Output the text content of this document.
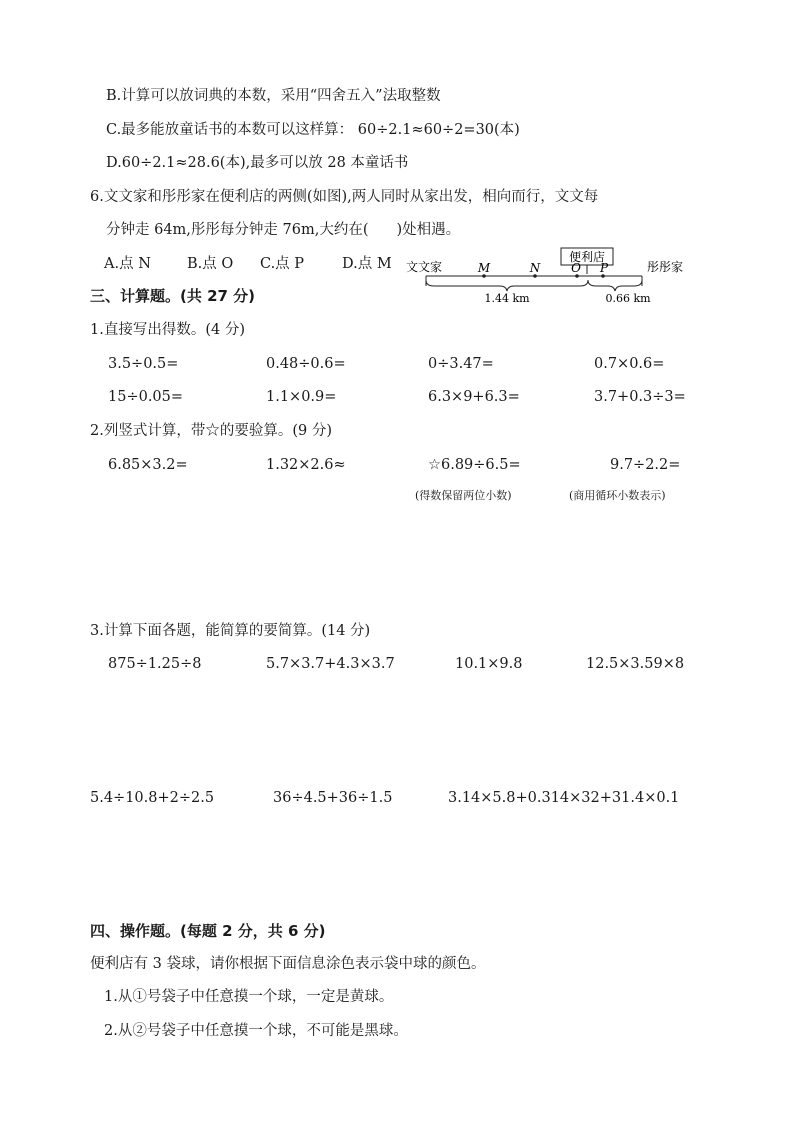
B.计算可以放词典的本数，采用“四舍五入”法取整数
C.最多能放童话书的本数可以这样算： 60÷2.1≈60÷2=30(本)
D.60÷2.1≈28.6(本),最多可以放 28 本童话书
6.文文家和彤彤家在便利店的两侧(如图),两人同时从家出发，相向而行，文文每
分钟走 64m,彤彤每分钟走 76m,大约在( )处相遇。
A.点 N B.点 O C.点 P	D.点 M	便利店
文文家	彤彤家
M	N	O P
1.44 km	0.66 km
三、计算题。(共 27 分)
1.直接写出得数。(4 分)
3.5÷0.5=	0.48÷0.6=	0÷3.47=	0.7×0.6=
15÷0.05=	1.1×0.9=	6.3×9+6.3=	3.7+0.3÷3=
2.列竖式计算，带☆的要验算。(9 分)
6.85×3.2=	1.32×2.6≈	☆6.89÷6.5=	9.7÷2.2=
(得数保留两位小数)	(商用循环小数表示)
3.计算下面各题，能简算的要简算。(14 分)
875÷1.25÷8	5.7×3.7+4.3×3.7	10.1×9.8	12.5×3.59×8
5.4÷10.8+2÷2.5	36÷4.5+36÷1.5	3.14×5.8+0.314×32+31.4×0.1
四、操作题。(每题 2 分，共 6 分)
便利店有 3 袋球，请你根据下面信息涂色表示袋中球的颜色。
1.从①号袋子中任意摸一个球，一定是黄球。
2.从②号袋子中任意摸一个球，不可能是黑球。
